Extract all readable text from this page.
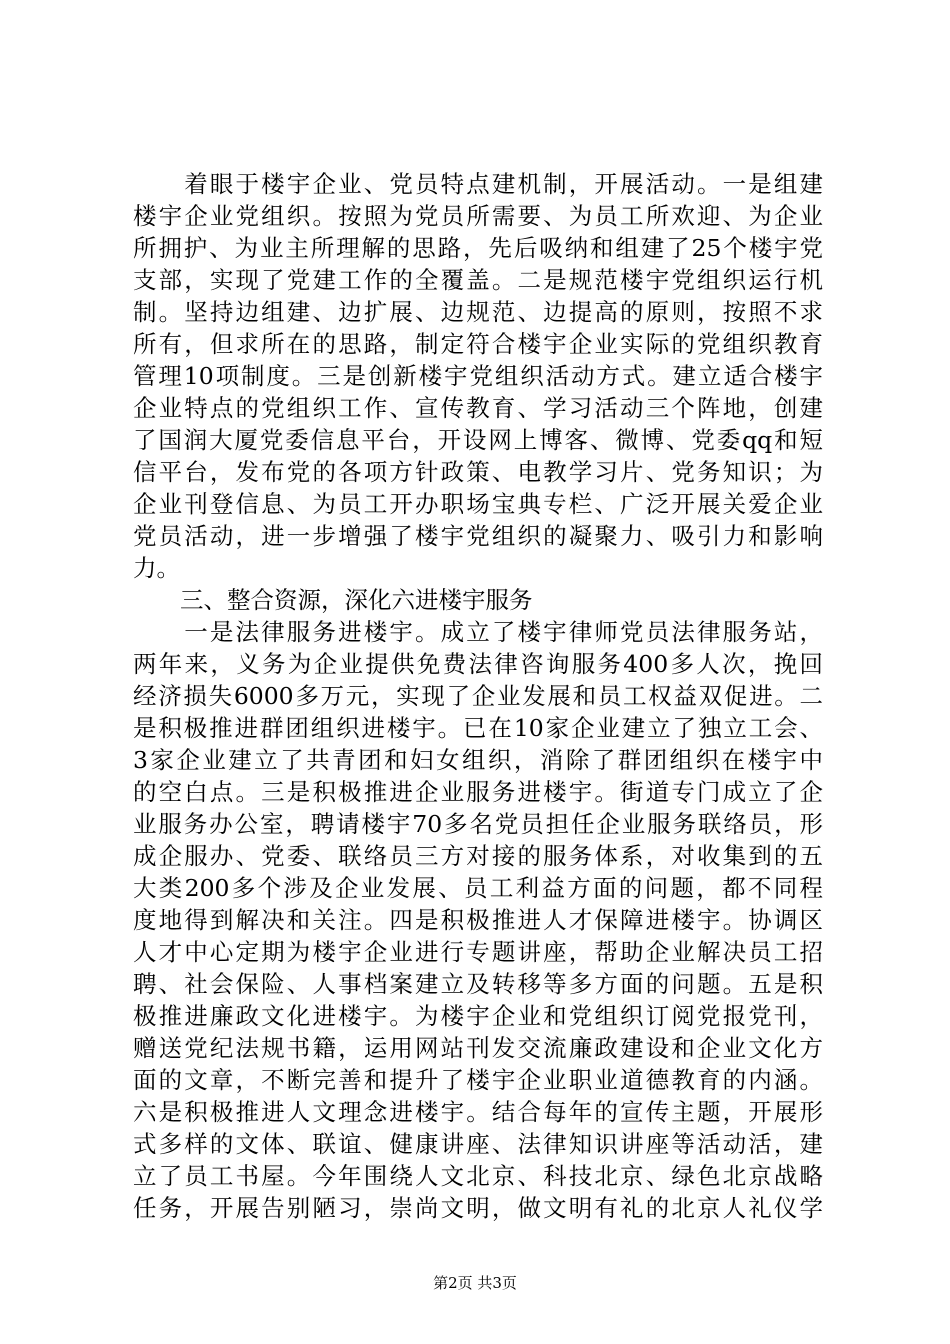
　　着眼于楼宇企业、党员特点建机制，开展活动。一是组建
楼宇企业党组织。按照为党员所需要、为员工所欢迎、为企业
所拥护、为业主所理解的思路，先后吸纳和组建了25个楼宇党
支部，实现了党建工作的全覆盖。二是规范楼宇党组织运行机
制。坚持边组建、边扩展、边规范、边提高的原则，按照不求
所有，但求所在的思路，制定符合楼宇企业实际的党组织教育
管理10项制度。三是创新楼宇党组织活动方式。建立适合楼宇
企业特点的党组织工作、宣传教育、学习活动三个阵地，创建
了国润大厦党委信息平台，开设网上博客、微博、党委qq和短
信平台，发布党的各项方针政策、电教学习片、党务知识；为
企业刊登信息、为员工开办职场宝典专栏、广泛开展关爱企业
党员活动，进一步增强了楼宇党组织的凝聚力、吸引力和影响
力。
　　三、整合资源，深化六进楼宇服务
　　一是法律服务进楼宇。成立了楼宇律师党员法律服务站，
两年来，义务为企业提供免费法律咨询服务400多人次，挽回
经济损失6000多万元，实现了企业发展和员工权益双促进。二
是积极推进群团组织进楼宇。已在10家企业建立了独立工会、
3家企业建立了共青团和妇女组织，消除了群团组织在楼宇中
的空白点。三是积极推进企业服务进楼宇。街道专门成立了企
业服务办公室，聘请楼宇70多名党员担任企业服务联络员，形
成企服办、党委、联络员三方对接的服务体系，对收集到的五
大类200多个涉及企业发展、员工利益方面的问题，都不同程
度地得到解决和关注。四是积极推进人才保障进楼宇。协调区
人才中心定期为楼宇企业进行专题讲座，帮助企业解决员工招
聘、社会保险、人事档案建立及转移等多方面的问题。五是积
极推进廉政文化进楼宇。为楼宇企业和党组织订阅党报党刊，
赠送党纪法规书籍，运用网站刊发交流廉政建设和企业文化方
面的文章，不断完善和提升了楼宇企业职业道德教育的内涵。
六是积极推进人文理念进楼宇。结合每年的宣传主题，开展形
式多样的文体、联谊、健康讲座、法律知识讲座等活动活，建
立了员工书屋。今年围绕人文北京、科技北京、绿色北京战略
任务，开展告别陋习，崇尚文明，做文明有礼的北京人礼仪学
第2页 共3页
